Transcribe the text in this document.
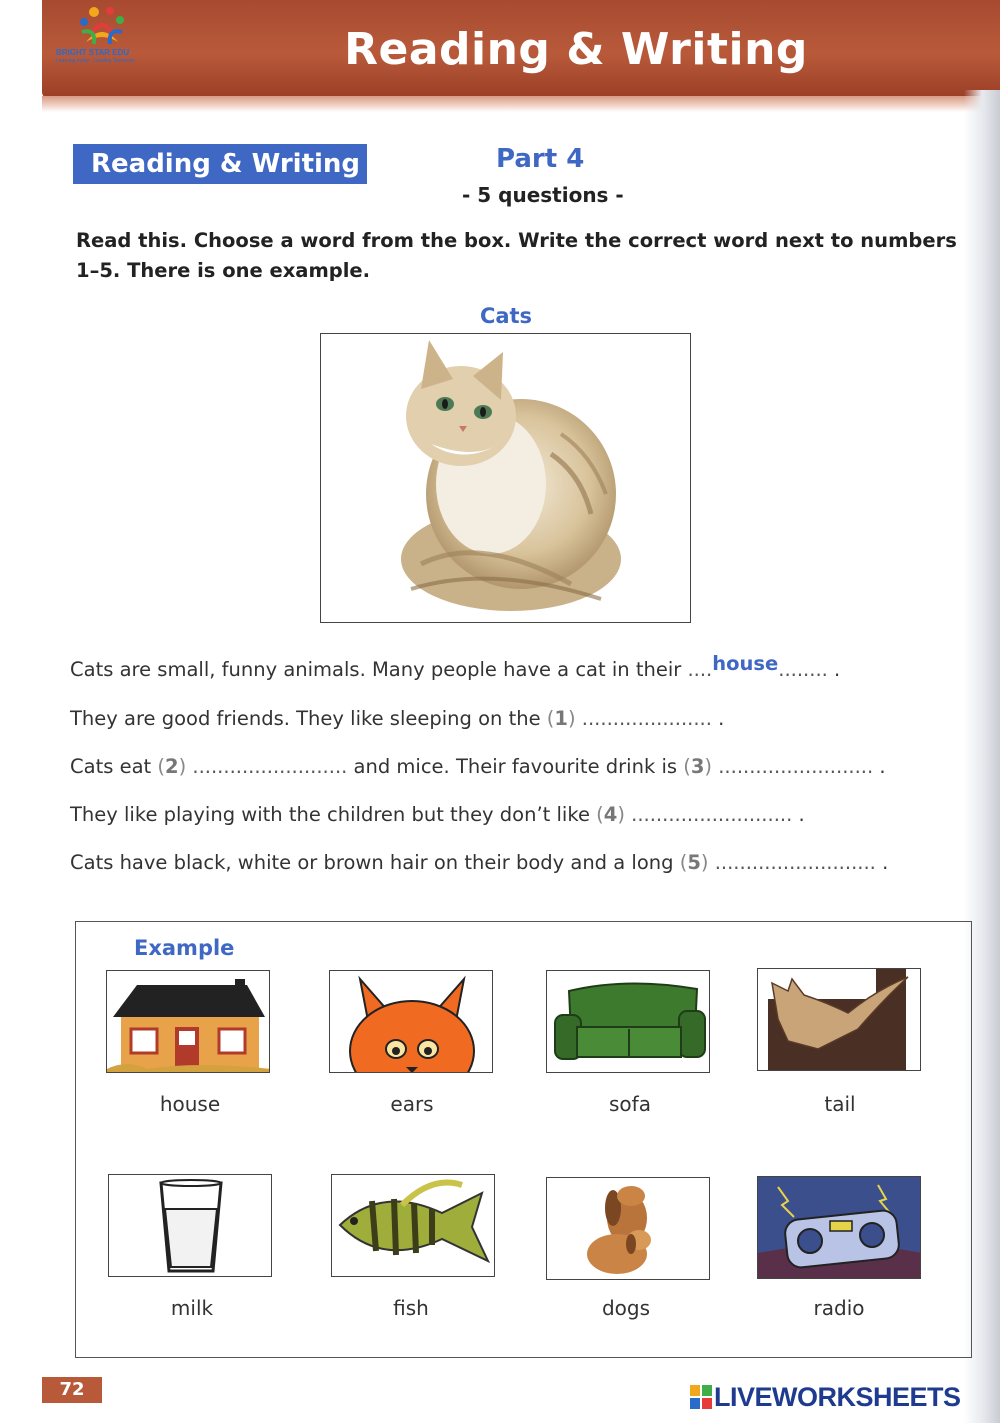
Reading & Writing
BRIGHT STAR EDU
Learning today - Leading Tomorrow
Reading & Writing	Part 4
- 5 questions -
Read this. Choose a word from the box. Write the correct word next to numbers 1–5. There is one example.
Cats
Cats are small, funny animals. Many people have a cat in their ....house........ .
They are good friends. They like sleeping on the (1) ..................... .
Cats eat (2) ......................... and mice. Their favourite drink is (3) ......................... .
They like playing with the children but they don’t like (4) .......................... .
Cats have black, white or brown hair on their body and a long (5) .......................... .
Example
house	ears	sofa	tail
milk	fish	dogs	radio
72	LIVEWORKSHEETS
